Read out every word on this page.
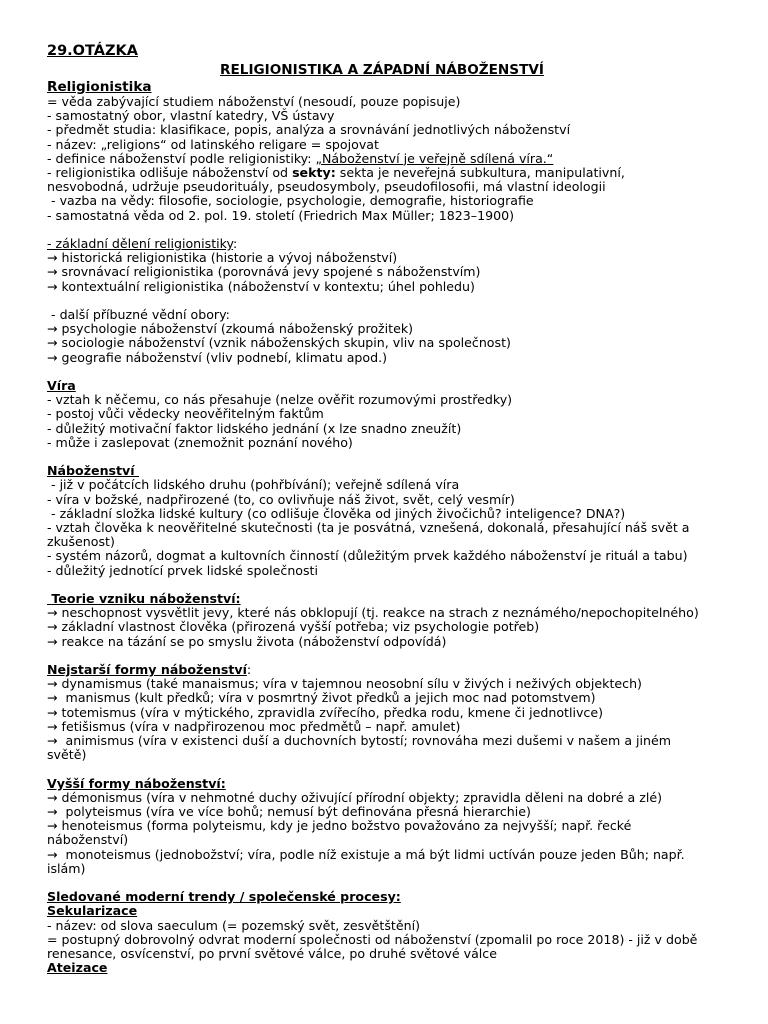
29.OTÁZKA
RELIGIONISTIKA A ZÁPADNÍ NÁBOŽENSTVÍ
Religionistika
= věda zabývající studiem náboženství (nesoudí, pouze popisuje)
- samostatný obor, vlastní katedry, VŠ ústavy
- předmět studia: klasifikace, popis, analýza a srovnávání jednotlivých náboženství
- název: „religions“ od latinského religare = spojovat
- definice náboženství podle religionistiky: „Náboženství je veřejně sdílená víra.“
- religionistika odlišuje náboženství od sekty: sekta je neveřejná subkultura, manipulativní,
nesvobodná, udržuje pseudorituály, pseudosymboly, pseudofilosofii, má vlastní ideologii
- vazba na vědy: filosofie, sociologie, psychologie, demografie, historiografie
- samostatná věda od 2. pol. 19. století (Friedrich Max Müller; 1823–1900)
- základní dělení religionistiky:
→ historická religionistika (historie a vývoj náboženství)
→ srovnávací religionistika (porovnává jevy spojené s náboženstvím)
→ kontextuální religionistika (náboženství v kontextu; úhel pohledu)
- další příbuzné vědní obory:
→ psychologie náboženství (zkoumá náboženský prožitek)
→ sociologie náboženství (vznik náboženských skupin, vliv na společnost)
→ geografie náboženství (vliv podnebí, klimatu apod.)
Víra
- vztah k něčemu, co nás přesahuje (nelze ověřit rozumovými prostředky)
- postoj vůči vědecky neověřitelným faktům
- důležitý motivační faktor lidského jednání (x lze snadno zneužít)
- může i zaslepovat (znemožnit poznání nového)
Náboženství
- již v počátcích lidského druhu (pohřbívání); veřejně sdílená víra
- víra v božské, nadpřirozené (to, co ovlivňuje náš život, svět, celý vesmír)
- základní složka lidské kultury (co odlišuje člověka od jiných živočichů? inteligence? DNA?)
- vztah člověka k neověřitelné skutečnosti (ta je posvátná, vznešená, dokonalá, přesahující náš svět a
zkušenost)
- systém názorů, dogmat a kultovních činností (důležitým prvek každého náboženství je rituál a tabu)
- důležitý jednotící prvek lidské společnosti
Teorie vzniku náboženství:
→ neschopnost vysvětlit jevy, které nás obklopují (tj. reakce na strach z neznámého/nepochopitelného)
→ základní vlastnost člověka (přirozená vyšší potřeba; viz psychologie potřeb)
→ reakce na tázání se po smyslu života (náboženství odpovídá)
Nejstarší formy náboženství:
→ dynamismus (také manaismus; víra v tajemnou neosobní sílu v živých i neživých objektech)
→  manismus (kult předků; víra v posmrtný život předků a jejich moc nad potomstvem)
→ totemismus (víra v mýtického, zpravidla zvířecího, předka rodu, kmene či jednotlivce)
→ fetišismus (víra v nadpřirozenou moc předmětů – např. amulet)
→  animismus (víra v existenci duší a duchovních bytostí; rovnováha mezi dušemi v našem a jiném
světě)
Vyšší formy náboženství:
→ démonismus (víra v nehmotné duchy oživující přírodní objekty; zpravidla děleni na dobré a zlé)
→  polyteismus (víra ve více bohů; nemusí být definována přesná hierarchie)
→ henoteismus (forma polyteismu, kdy je jedno božstvo považováno za nejvyšší; např. řecké
náboženství)
→  monoteismus (jednobožství; víra, podle níž existuje a má být lidmi uctíván pouze jeden Bůh; např.
islám)
Sledované moderní trendy / společenské procesy:
Sekularizace
- název: od slova saeculum (= pozemský svět, zesvětštění)
= postupný dobrovolný odvrat moderní společnosti od náboženství (zpomalil po roce 2018) - již v době
renesance, osvícenství, po první světové válce, po druhé světové válce
Ateizace
